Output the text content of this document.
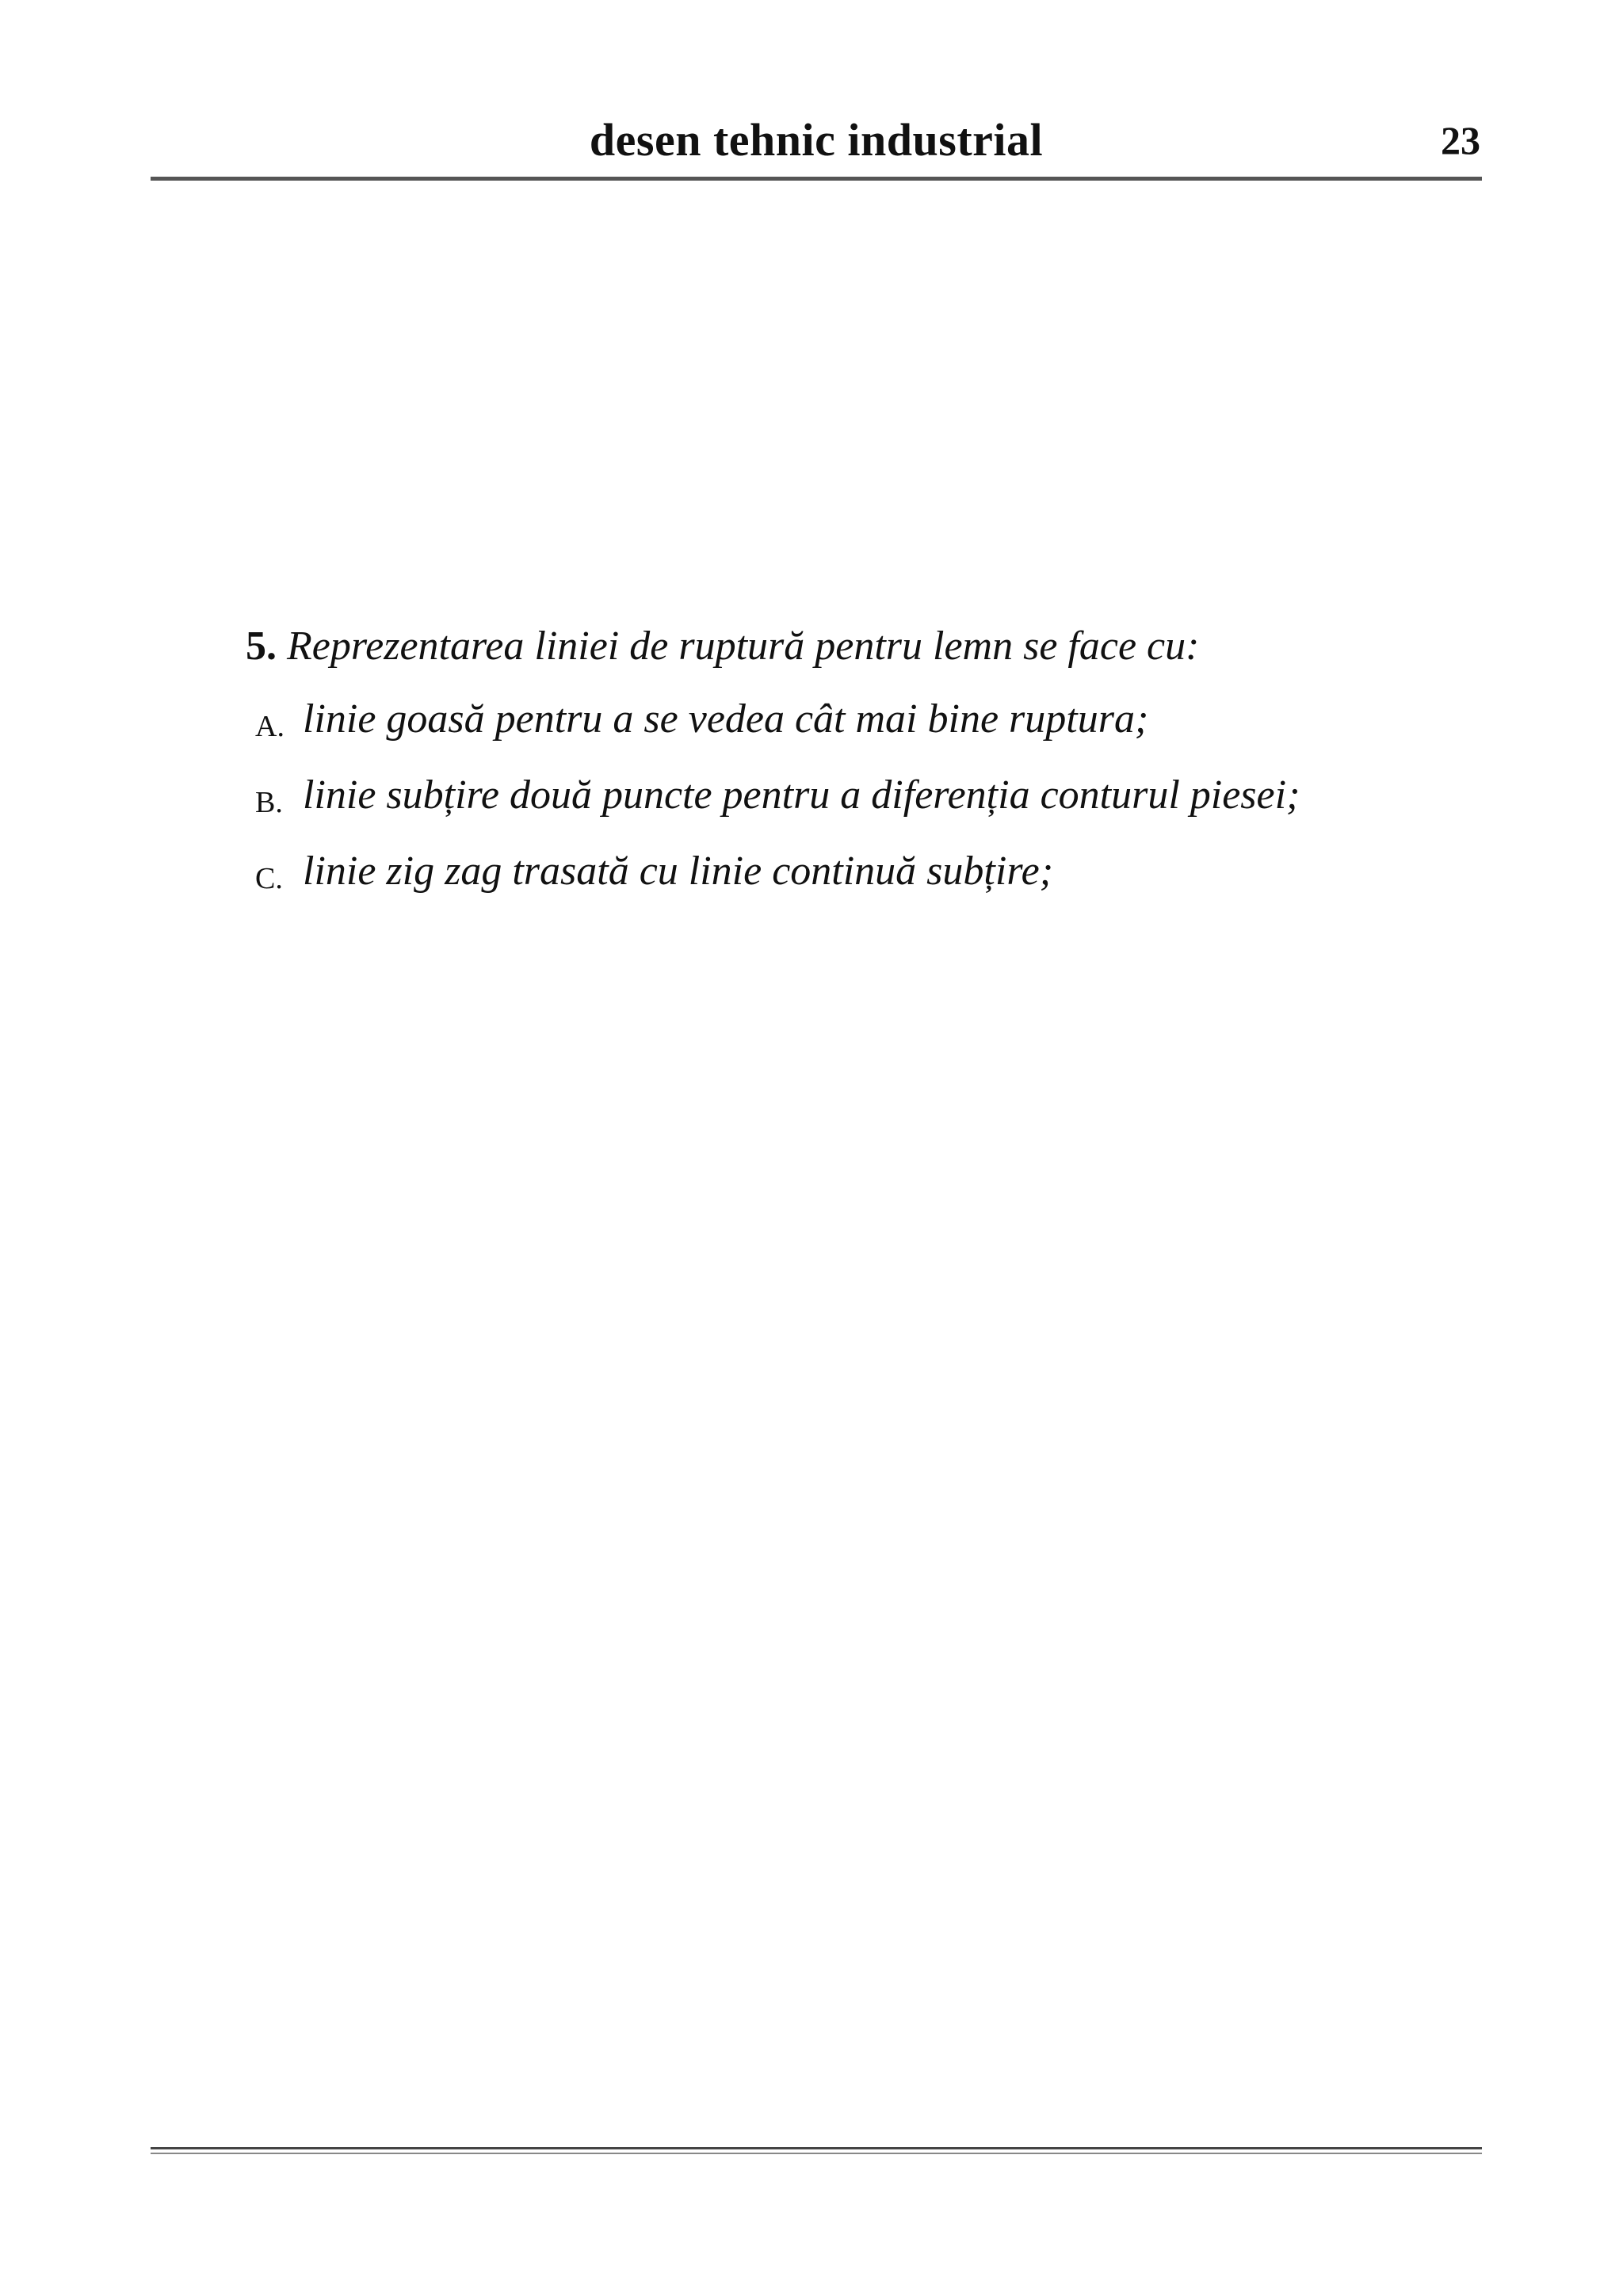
desen tehnic industrial	23
5. Reprezentarea liniei de ruptură pentru lemn se face cu:
A. linie goasă pentru a se vedea cât mai bine ruptura;
B. linie subțire două puncte pentru a diferenția conturul piesei;
C. linie zig zag trasată cu linie continuă subțire;
